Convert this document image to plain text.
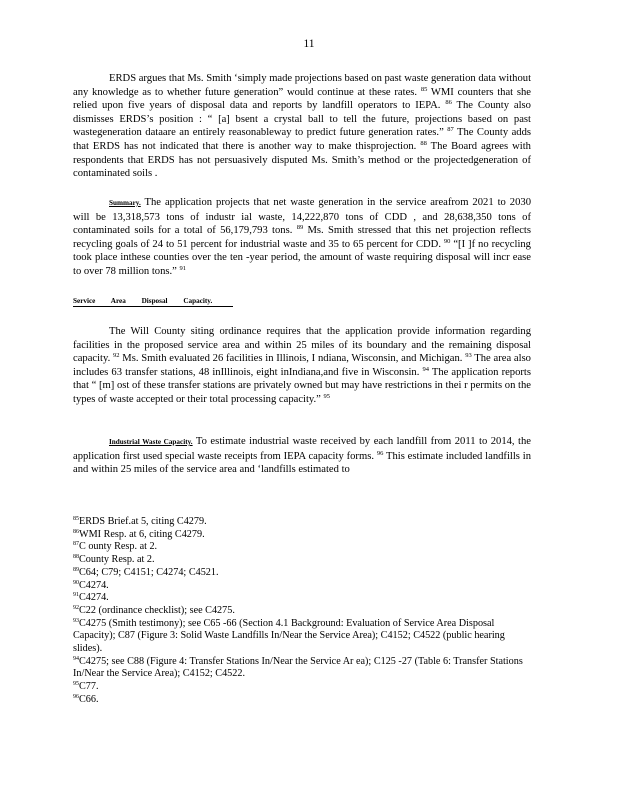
11

ERDS argues that Ms. Smith ‘simply made projections based on past waste generation data without any knowledge as to whether future generation” would continue at these rates. $^{85}$ WMI counters that she relied upon five years of disposal data and reports by landfill operators to IEPA. $^{86}$ The County also dismisses ERDS’s position : “ [a] bsent a crystal ball to tell the future, projections based on past wastegeneration dataare an entirely reasonableway to predict future generation rates.” $^{87}$ The County adds that ERDS has not indicated that there is another way to make thisprojection. $^{88}$ The Board agrees with respondents that ERDS has not persuasively disputed Ms. Smith’s method or the projectedgeneration of contaminated soils .

Summary. The application projects that net waste generation in the service areafrom 2021 to 2030 will be 13,318,573 tons of industr ial waste, 14,222,870 tons of CDD , and 28,638,350 tons of contaminated soils for a total of 56,179,793 tons. $^{89}$ Ms. Smith stressed that this net projection reflects recycling goals of 24 to 51 percent for industrial waste and 35 to 65 percent for CDD. $^{90}$ “[I ]f no recycling took place inthese counties over the ten -year period, the amount of waste requiring disposal will incr ease to over 78 million tons.” $^{91}$

Service Area Disposal Capacity.

The Will County siting ordinance requires that the application provide information regarding facilities in the proposed service area and within 25 miles of its boundary and the remaining disposal capacity. $^{92}$ Ms. Smith evaluated 26 facilities in Illinois, I ndiana, Wisconsin, and Michigan. $^{93}$ The area also includes 63 transfer stations, 48 inIllinois, eight inIndiana,and five in Wisconsin. $^{94}$ The application reports that “ [m] ost of these transfer stations are privately owned but may have restrictions in thei r permits on the types of waste accepted or their total processing capacity.” $^{95}$

Industrial Waste Capacity. To estimate industrial waste received by each landfill from 2011 to 2014, the application first used special waste receipts from IEPA capacity forms. $^{96}$ This estimate included landfills in and within 25 miles of the service area and ‘landfills estimated to

$^{85}$ERDS Brief.at 5, citing C4279.
$^{86}$WMI Resp. at 6, citing C4279.
$^{87}$C ounty Resp. at 2.
$^{88}$County Resp. at 2.
$^{89}$C64; C79; C4151; C4274; C4521.
$^{90}$C4274.
$^{91}$C4274.
$^{92}$C22 (ordinance checklist); see C4275.
$^{93}$C4275 (Smith testimony); see C65 -66 (Section 4.1 Background: Evaluation of Service Area Disposal Capacity); C87 (Figure 3: Solid Waste Landfills In/Near the Service Area); C4152; C4522 (public hearing slides).
$^{94}$C4275; see C88 (Figure 4: Transfer Stations In/Near the Service Ar ea); C125 -27 (Table 6: Transfer Stations In/Near the Service Area); C4152; C4522.
$^{95}$C77.
$^{96}$C66.
